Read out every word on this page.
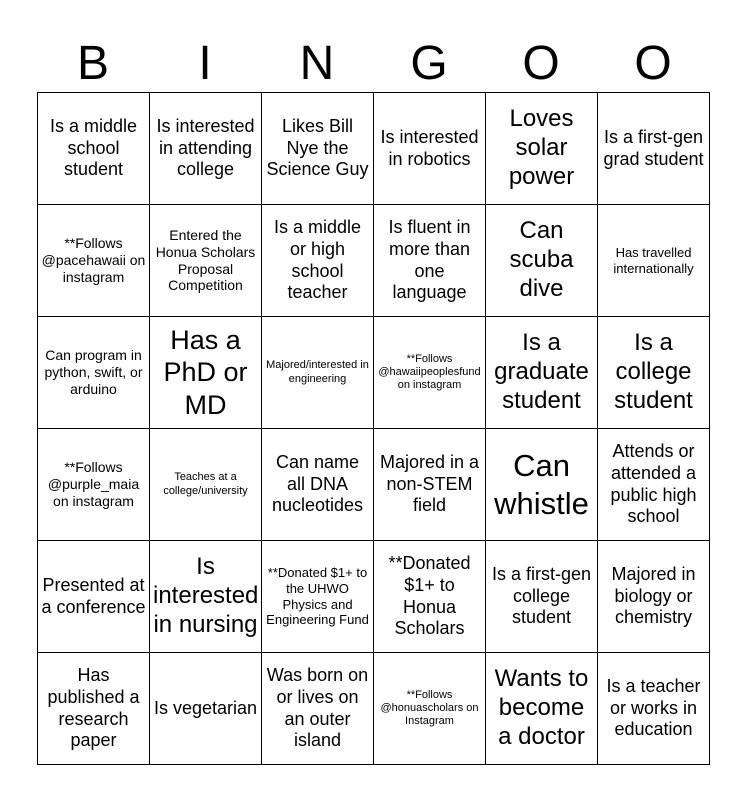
B	I	N	G	O	O
Is a middle school student	Is interested in attending college	Likes Bill Nye the Science Guy	Is interested in robotics	Loves solar power	Is a first-gen grad student
**Follows @pacehawaii on instagram	Entered the Honua Scholars Proposal Competition	Is a middle or high school teacher	Is fluent in more than one language	Can scuba dive	Has travelled internationally
Can program in python, swift, or arduino	Has a PhD or MD	Majored/interested in engineering	**Follows @hawaiipeoplesfund on instagram	Is a graduate student	Is a college student
**Follows @purple_maia on instagram	Teaches at a college/university	Can name all DNA nucleotides	Majored in a non-STEM field	Can whistle	Attends or attended a public high school
Presented at a conference	Is interested in nursing	**Donated $1+ to the UHWO Physics and Engineering Fund	**Donated $1+ to Honua Scholars	Is a first-gen college student	Majored in biology or chemistry
Has published a research paper	Is vegetarian	Was born on or lives on an outer island	**Follows @honuascholars on Instagram	Wants to become a doctor	Is a teacher or works in education
